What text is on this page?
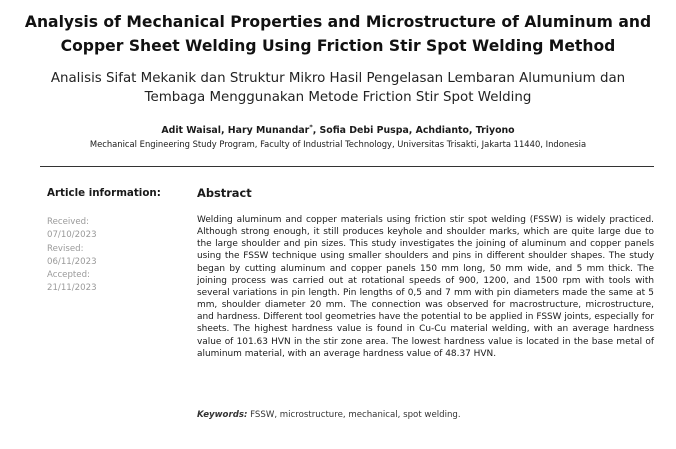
Analysis of Mechanical Properties and Microstructure of Aluminum and Copper Sheet Welding Using Friction Stir Spot Welding Method
Analisis Sifat Mekanik dan Struktur Mikro Hasil Pengelasan Lembaran Alumunium dan Tembaga Menggunakan Metode Friction Stir Spot Welding
Adit Waisal, Hary Munandar*, Sofia Debi Puspa, Achdianto, Triyono
Mechanical Engineering Study Program, Faculty of Industrial Technology, Universitas Trisakti, Jakarta 11440, Indonesia
Article information:
Received:
07/10/2023
Revised:
06/11/2023
Accepted:
21/11/2023
Abstract
Welding aluminum and copper materials using friction stir spot welding (FSSW) is widely practiced. Although strong enough, it still produces keyhole and shoulder marks, which are quite large due to the large shoulder and pin sizes. This study investigates the joining of aluminum and copper panels using the FSSW technique using smaller shoulders and pins in different shoulder shapes. The study began by cutting aluminum and copper panels 150 mm long, 50 mm wide, and 5 mm thick. The joining process was carried out at rotational speeds of 900, 1200, and 1500 rpm with tools with several variations in pin length. Pin lengths of 0,5 and 7 mm with pin diameters made the same at 5 mm, shoulder diameter 20 mm. The connection was observed for macrostructure, microstructure, and hardness. Different tool geometries have the potential to be applied in FSSW joints, especially for sheets. The highest hardness value is found in Cu-Cu material welding, with an average hardness value of 101.63 HVN in the stir zone area. The lowest hardness value is located in the base metal of aluminum material, with an average hardness value of 48.37 HVN.
Keywords: FSSW, microstructure, mechanical, spot welding.
